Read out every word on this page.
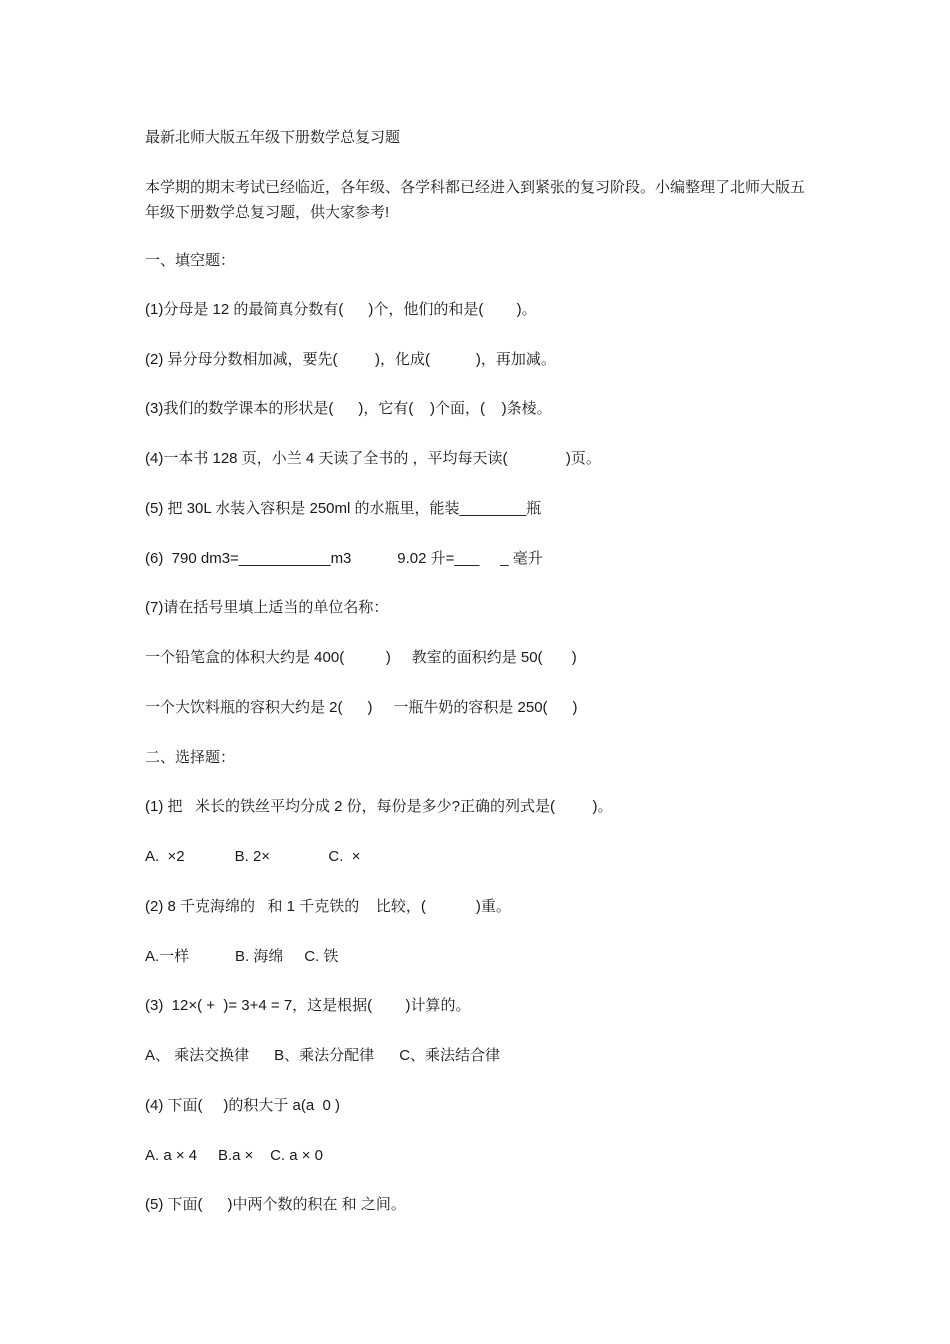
最新北师大版五年级下册数学总复习题
本学期的期末考试已经临近，各年级、各学科都已经进入到紧张的复习阶段。小编整理了北师大版五年级下册数学总复习题，供大家参考!
一、填空题：
(1)分母是 12 的最简真分数有(      )个，他们的和是(        )。
(2) 异分母分数相加减，要先(         )，化成(           )，再加减。
(3)我们的数学课本的形状是(      )，它有(    )个面，(    )条棱。
(4)一本书 128 页，小兰 4 天读了全书的 ，平均每天读(              )页。
(5) 把 30L 水装入容积是 250ml 的水瓶里，能装________瓶
(6)  790 dm3=___________m3           9.02 升=___     _ 毫升
(7)请在括号里填上适当的单位名称：
一个铅笔盒的体积大约是 400(          )     教室的面积约是 50(       )
一个大饮料瓶的容积大约是 2(      )     一瓶牛奶的容积是 250(      )
二、选择题：
(1) 把   米长的铁丝平均分成 2 份，每份是多少?正确的列式是(         )。
A.  ×2            B. 2×              C.  ×
(2) 8 千克海绵的   和 1 千克铁的    比较，(            )重。
A.一样           B. 海绵     C. 铁
(3)  12×( +  )= 3+4 = 7，这是根据(        )计算的。
A、 乘法交换律      B、乘法分配律      C、乘法结合律
(4) 下面(     )的积大于 a(a  0 )
A. a × 4     B.a ×    C. a × 0
(5) 下面(      )中两个数的积在 和 之间。
